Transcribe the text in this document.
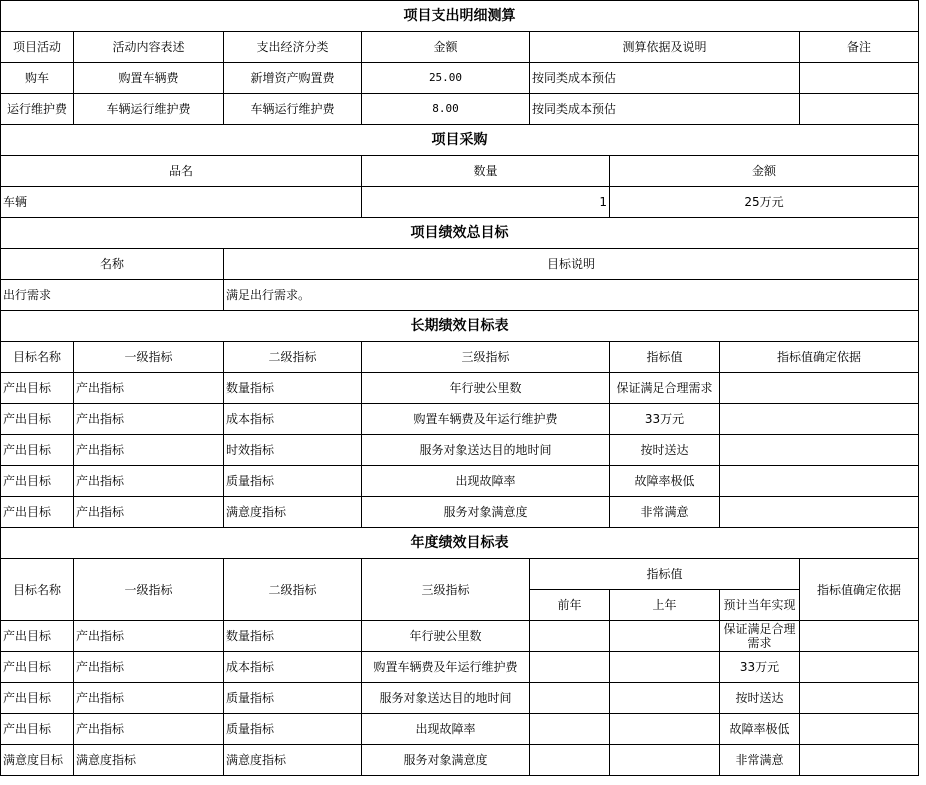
项目支出明细测算							
项目活动	活动内容表述	支出经济分类	金额	测算依据及说明			备注
购车	购置车辆费	新增资产购置费	25.00	按同类成本预估			
运行维护费	车辆运行维护费	车辆运行维护费	8.00	按同类成本预估			
项目采购							
品名			数量		金额		
车辆			1		25万元		
项目绩效总目标							
名称		目标说明					
出行需求		满足出行需求。					
长期绩效目标表							
目标名称	一级指标	二级指标	三级指标		指标值	指标值确定依据	
产出目标	产出指标	数量指标	年行驶公里数		保证满足合理需求		
产出目标	产出指标	成本指标	购置车辆费及年运行维护费		33万元		
产出目标	产出指标	时效指标	服务对象送达目的地时间		按时送达		
产出目标	产出指标	质量指标	出现故障率		故障率极低		
产出目标	产出指标	满意度指标	服务对象满意度		非常满意		
年度绩效目标表							
目标名称	一级指标	二级指标	三级指标	指标值			指标值确定依据
				前年	上年	预计当年实现	
产出目标	产出指标	数量指标	年行驶公里数			保证满足合理需求	
产出目标	产出指标	成本指标	购置车辆费及年运行维护费			33万元	
产出目标	产出指标	质量指标	服务对象送达目的地时间			按时送达	
产出目标	产出指标	质量指标	出现故障率			故障率极低	
满意度目标	满意度指标	满意度指标	服务对象满意度			非常满意	
